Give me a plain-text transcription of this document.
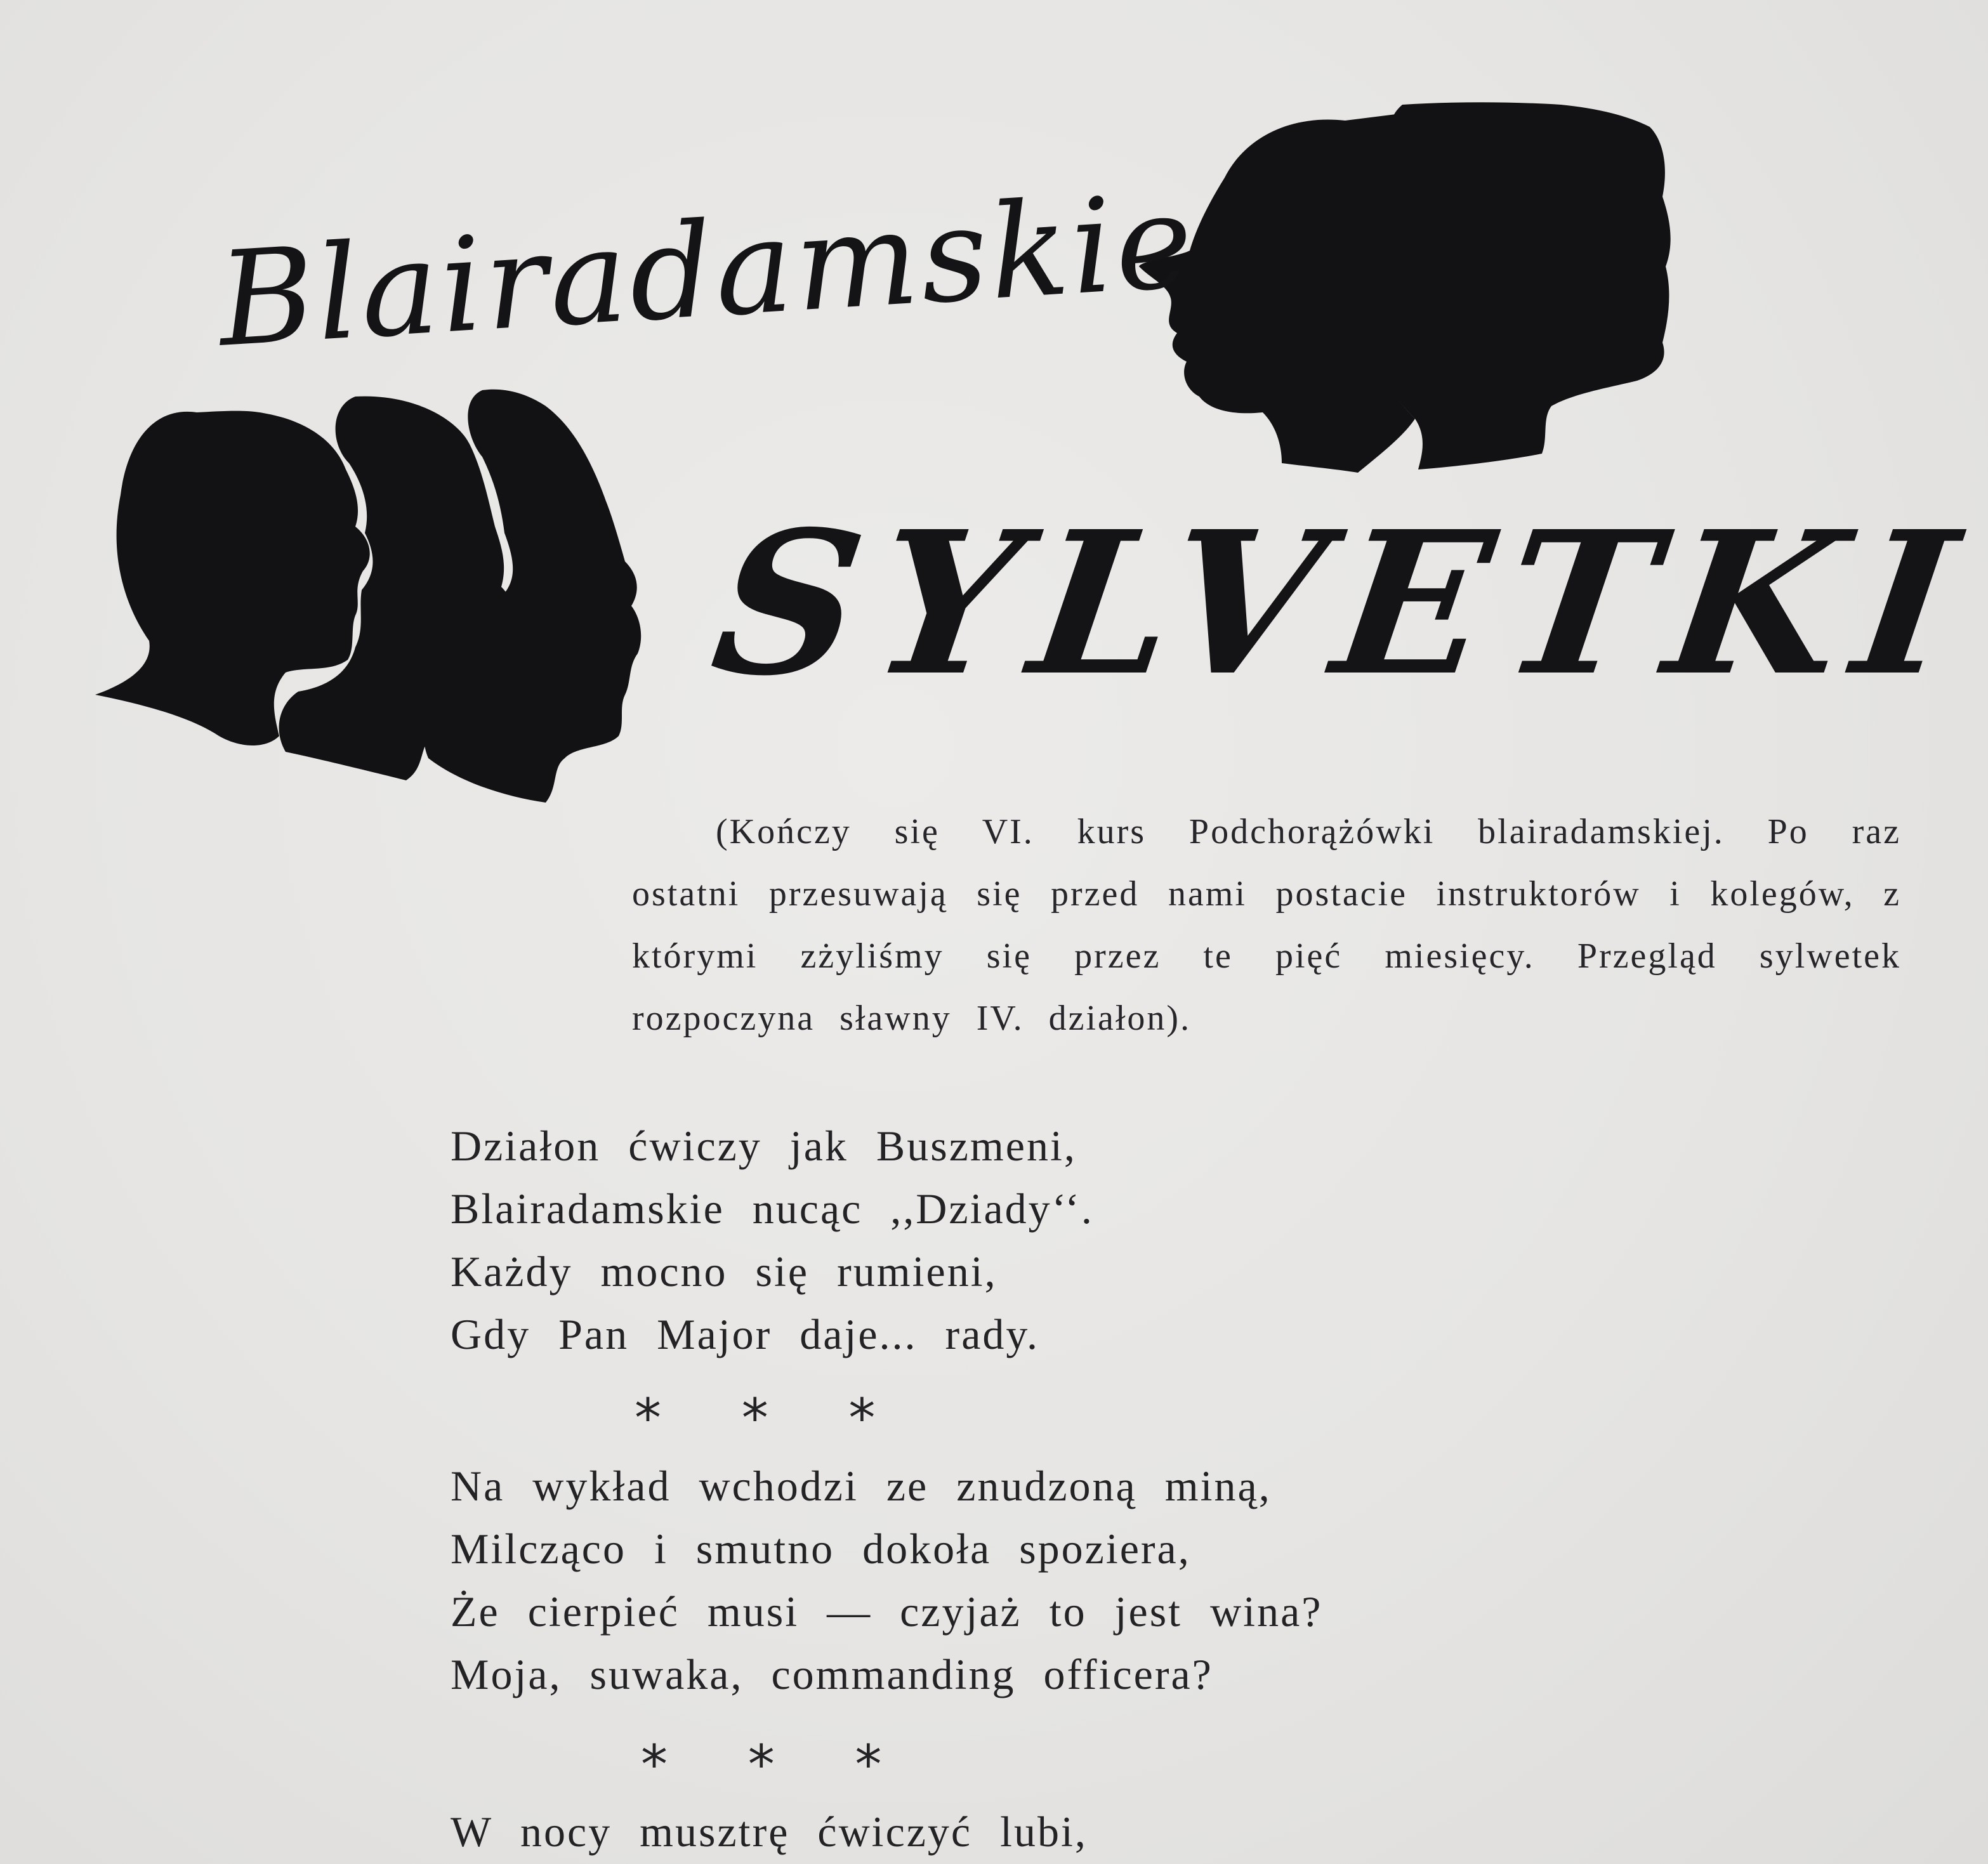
Blairadamskie
SYLVETKI

(Kończy się VI. kurs Podchorążówki blairadamskiej. Po raz ostatni przesuwają się przed nami postacie instruktorów i kolegów, z którymi zżyliśmy się przez te pięć miesięcy. Przegląd sylwetek rozpoczyna sławny IV. działon).

Działon ćwiczy jak Buszmeni,
Blairadamskie nucąc ,,Dziady‘‘.
Każdy mocno się rumieni,
Gdy Pan Major daje... rady.
* * *
Na wykład wchodzi ze znudzoną miną,
Milcząco i smutno dokoła spoziera,
Że cierpieć musi — czyjaż to jest wina?
Moja, suwaka, commanding officera?
* * *
W nocy musztrę ćwiczyć lubi,
